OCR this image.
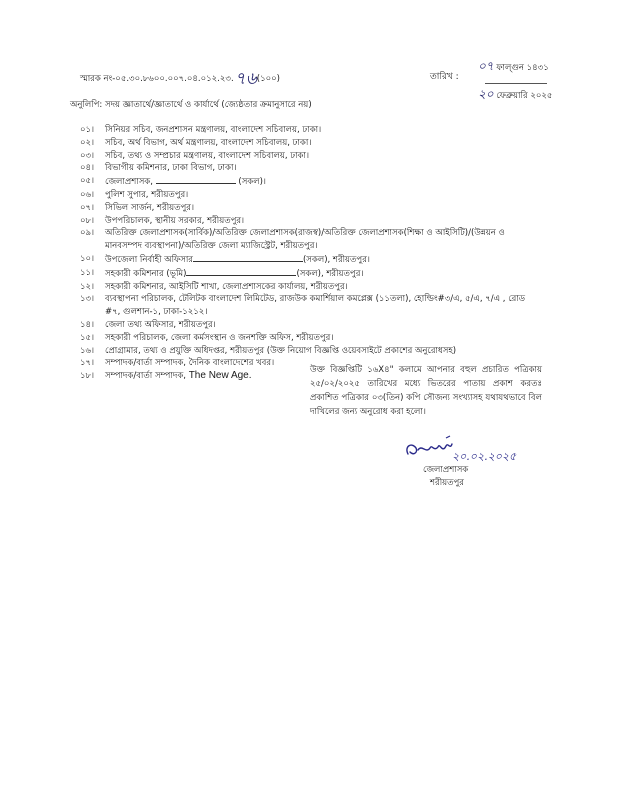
স্মারক নং-০৫.৩০.৮৬০০.০০৭.০৪.০১২.২৩.৭৬(১০০)	তারিখ :
০৭ ফাল্গুন ১৪৩১
২০ ফেব্রুয়ারি ২০২৫
অনুলিপি: সদয় জ্ঞাতার্থে/জ্ঞাতার্থে ও কার্যার্থে (জ্যেষ্ঠতার ক্রমানুসারে নয়)
০১।	সিনিয়র সচিব, জনপ্রশাসন মন্ত্রণালয়, বাংলাদেশ সচিবালয়, ঢাকা।
০২।	সচিব, অর্থ বিভাগ, অর্থ মন্ত্রণালয়, বাংলাদেশ সচিবালয়, ঢাকা।
০৩।	সচিব, তথ্য ও সম্প্রচার মন্ত্রণালয়, বাংলাদেশ সচিবালয়, ঢাকা।
০৪।	বিভাগীয় কমিশনার, ঢাকা বিভাগ, ঢাকা।
০৫।	জেলাপ্রশাসক,	(সকল)।
০৬।	পুলিশ সুপার, শরীয়তপুর।
০৭।	সিভিল সার্জন, শরীয়তপুর।
০৮।	উপপরিচালক, স্থানীয় সরকার, শরীয়তপুর।
০৯।	অতিরিক্ত জেলাপ্রশাসক(সার্বিক)/অতিরিক্ত জেলাপ্রশাসক(রাজস্ব)/অতিরিক্ত জেলাপ্রশাসক(শিক্ষা ও আইসিটি)/(উন্নয়ন ও মানবসম্পদ ব্যবস্থাপনা)/অতিরিক্ত জেলা ম্যাজিস্ট্রেট, শরীয়তপুর।
১০।	উপজেলা নির্বাহী অফিসার	(সকল), শরীয়তপুর।
১১।	সহকারী কমিশনার (ভূমি)	(সকল), শরীয়তপুর।
১২।	সহকারী কমিশনার, আইসিটি শাখা, জেলাপ্রশাসকের কার্যালয়, শরীয়তপুর।
১৩।	ব্যবস্থাপনা পরিচালক, টেলিটক বাংলাদেশ লিমিটেড, রাজউক কমার্শিয়াল কমপ্লেক্স (১১তলা), হোল্ডিং#৩/এ, ৫/এ, ৭/এ , রোড #৭, গুলশান-১, ঢাকা-১২১২।
১৪।	জেলা তথ্য অফিসার, শরীয়তপুর।
১৫।	সহকারী পরিচালক, জেলা কর্মসংস্থান ও জনশক্তি অফিস, শরীয়তপুর।
১৬।	প্রোগ্রামার, তথ্য ও প্রযুক্তি অধিদপ্তর, শরীয়তপুর (উক্ত নিয়োগ বিজ্ঞপ্তি ওয়েবসাইটে প্রকাশের অনুরোধসহ)
১৭।	সম্পাদক/বার্তা সম্পাদক, দৈনিক বাংলাদেশের খবর।
১৮।	সম্পাদক/বার্তা সম্পাদক, The New Age.
উক্ত বিজ্ঞপ্তিটি ১৬X৪" কলামে আপনার বহুল প্রচারিত পত্রিকায় ২৫/০২/২০২৫ তারিখের মধ্যে ভিতরের পাতায় প্রকাশ করতঃ প্রকাশিত পত্রিকার ০৩(তিন) কপি সৌজন্য সংখ্যাসহ যথাযথভাবে বিল দাখিলের জন্য অনুরোধ করা হলো।
২০.০২.২০২৫
জেলাপ্রশাসক
শরীয়তপুর
